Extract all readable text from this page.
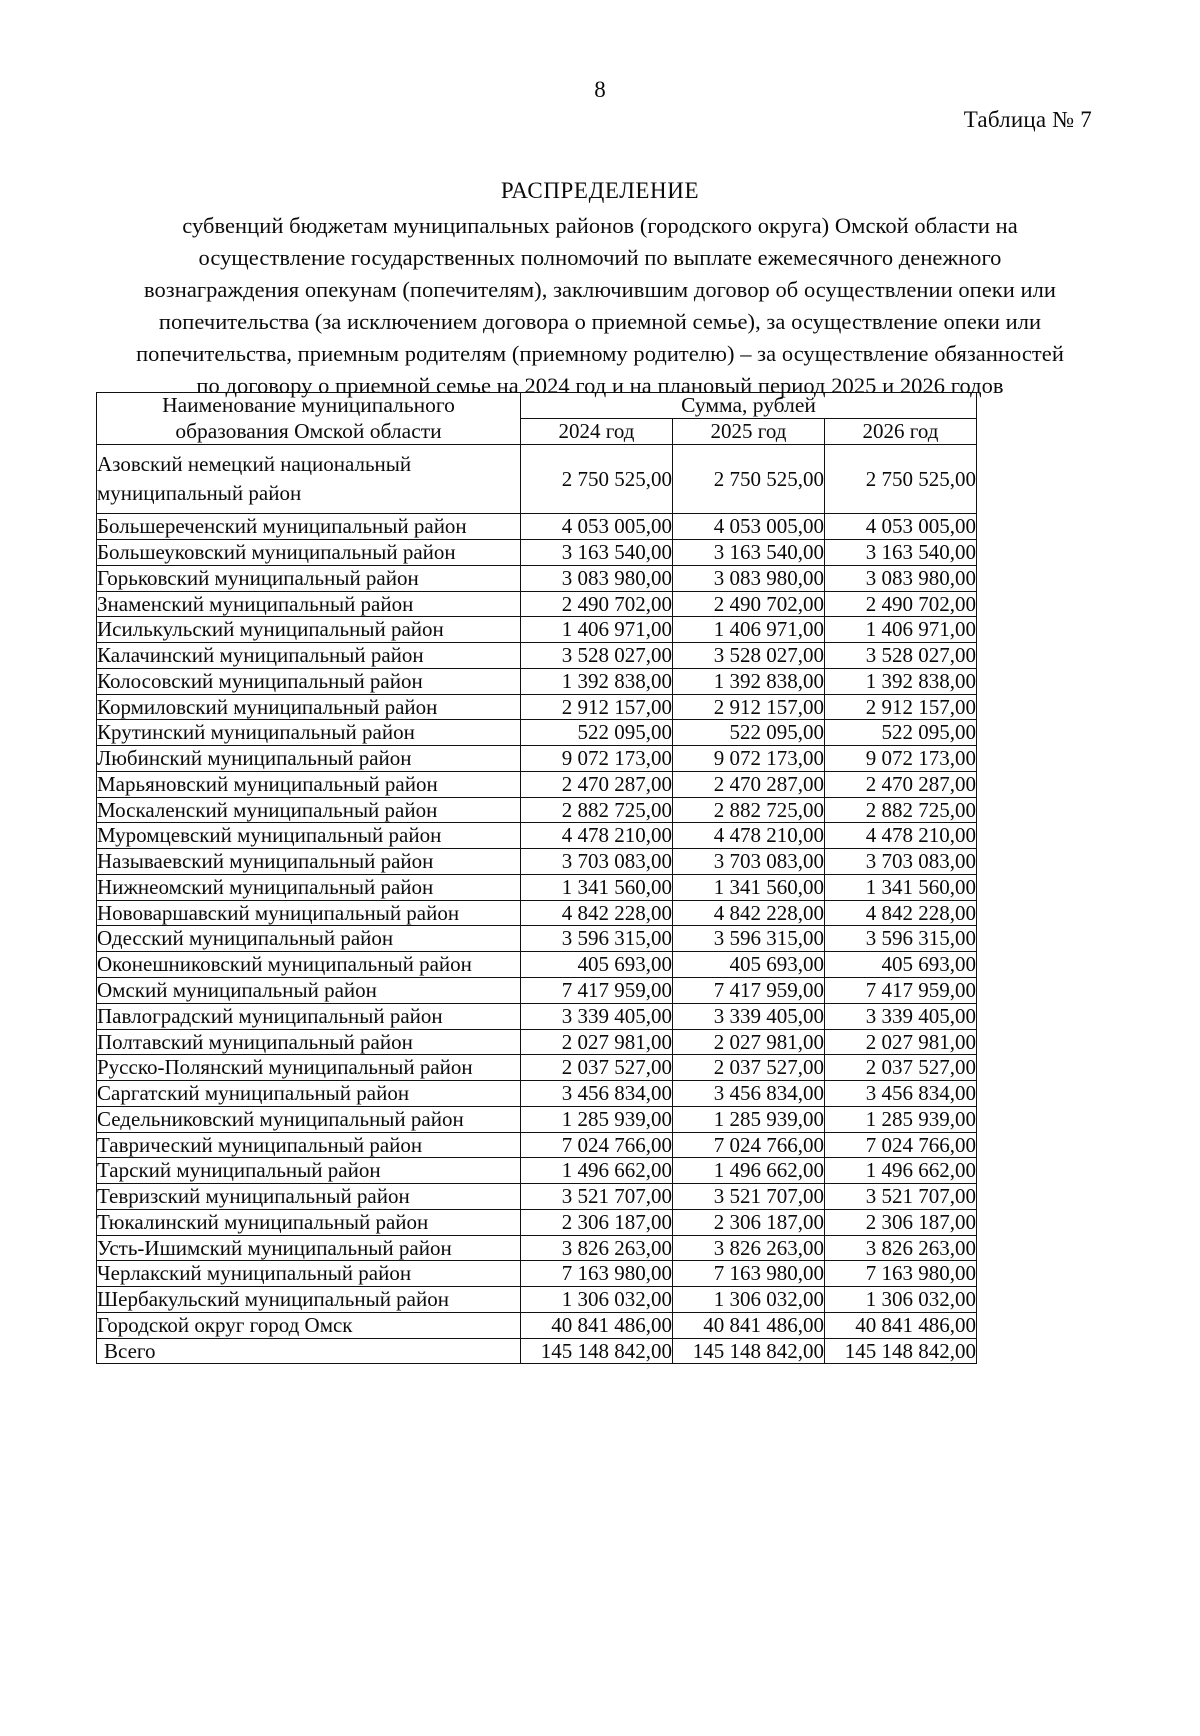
8
Таблица № 7
РАСПРЕДЕЛЕНИЕ
субвенций бюджетам муниципальных районов (городского округа) Омской области на
осуществление государственных полномочий по выплате ежемесячного денежного
вознаграждения опекунам (попечителям), заключившим договор об осуществлении опеки или
попечительства (за исключением договора о приемной семье), за осуществление опеки или
попечительства, приемным родителям (приемному родителю) – за осуществление обязанностей
по договору о приемной семье на 2024 год и на плановый период 2025 и 2026 годов
Наименование муниципального
образования Омской области	Сумма, рублей		
	2024 год	2025 год	2026 год
Азовский немецкий национальный
муниципальный район	2 750 525,00	2 750 525,00	2 750 525,00
Большереченский муниципальный район	4 053 005,00	4 053 005,00	4 053 005,00
Большеуковский муниципальный район	3 163 540,00	3 163 540,00	3 163 540,00
Горьковский муниципальный район	3 083 980,00	3 083 980,00	3 083 980,00
Знаменский муниципальный район	2 490 702,00	2 490 702,00	2 490 702,00
Исилькульский муниципальный район	1 406 971,00	1 406 971,00	1 406 971,00
Калачинский муниципальный район	3 528 027,00	3 528 027,00	3 528 027,00
Колосовский муниципальный район	1 392 838,00	1 392 838,00	1 392 838,00
Кормиловский муниципальный район	2 912 157,00	2 912 157,00	2 912 157,00
Крутинский муниципальный район	522 095,00	522 095,00	522 095,00
Любинский муниципальный район	9 072 173,00	9 072 173,00	9 072 173,00
Марьяновский муниципальный район	2 470 287,00	2 470 287,00	2 470 287,00
Москаленский муниципальный район	2 882 725,00	2 882 725,00	2 882 725,00
Муромцевский муниципальный район	4 478 210,00	4 478 210,00	4 478 210,00
Называевский муниципальный район	3 703 083,00	3 703 083,00	3 703 083,00
Нижнеомский муниципальный район	1 341 560,00	1 341 560,00	1 341 560,00
Нововаршавский муниципальный район	4 842 228,00	4 842 228,00	4 842 228,00
Одесский муниципальный район	3 596 315,00	3 596 315,00	3 596 315,00
Оконешниковский муниципальный район	405 693,00	405 693,00	405 693,00
Омский муниципальный район	7 417 959,00	7 417 959,00	7 417 959,00
Павлоградский муниципальный район	3 339 405,00	3 339 405,00	3 339 405,00
Полтавский муниципальный район	2 027 981,00	2 027 981,00	2 027 981,00
Русско-Полянский муниципальный район	2 037 527,00	2 037 527,00	2 037 527,00
Саргатский муниципальный район	3 456 834,00	3 456 834,00	3 456 834,00
Седельниковский муниципальный район	1 285 939,00	1 285 939,00	1 285 939,00
Таврический муниципальный район	7 024 766,00	7 024 766,00	7 024 766,00
Тарский муниципальный район	1 496 662,00	1 496 662,00	1 496 662,00
Тевризский муниципальный район	3 521 707,00	3 521 707,00	3 521 707,00
Тюкалинский муниципальный район	2 306 187,00	2 306 187,00	2 306 187,00
Усть-Ишимский муниципальный район	3 826 263,00	3 826 263,00	3 826 263,00
Черлакский муниципальный район	7 163 980,00	7 163 980,00	7 163 980,00
Шербакульский муниципальный район	1 306 032,00	1 306 032,00	1 306 032,00
Городской округ город Омск	40 841 486,00	40 841 486,00	40 841 486,00
Всего	145 148 842,00	145 148 842,00	145 148 842,00
